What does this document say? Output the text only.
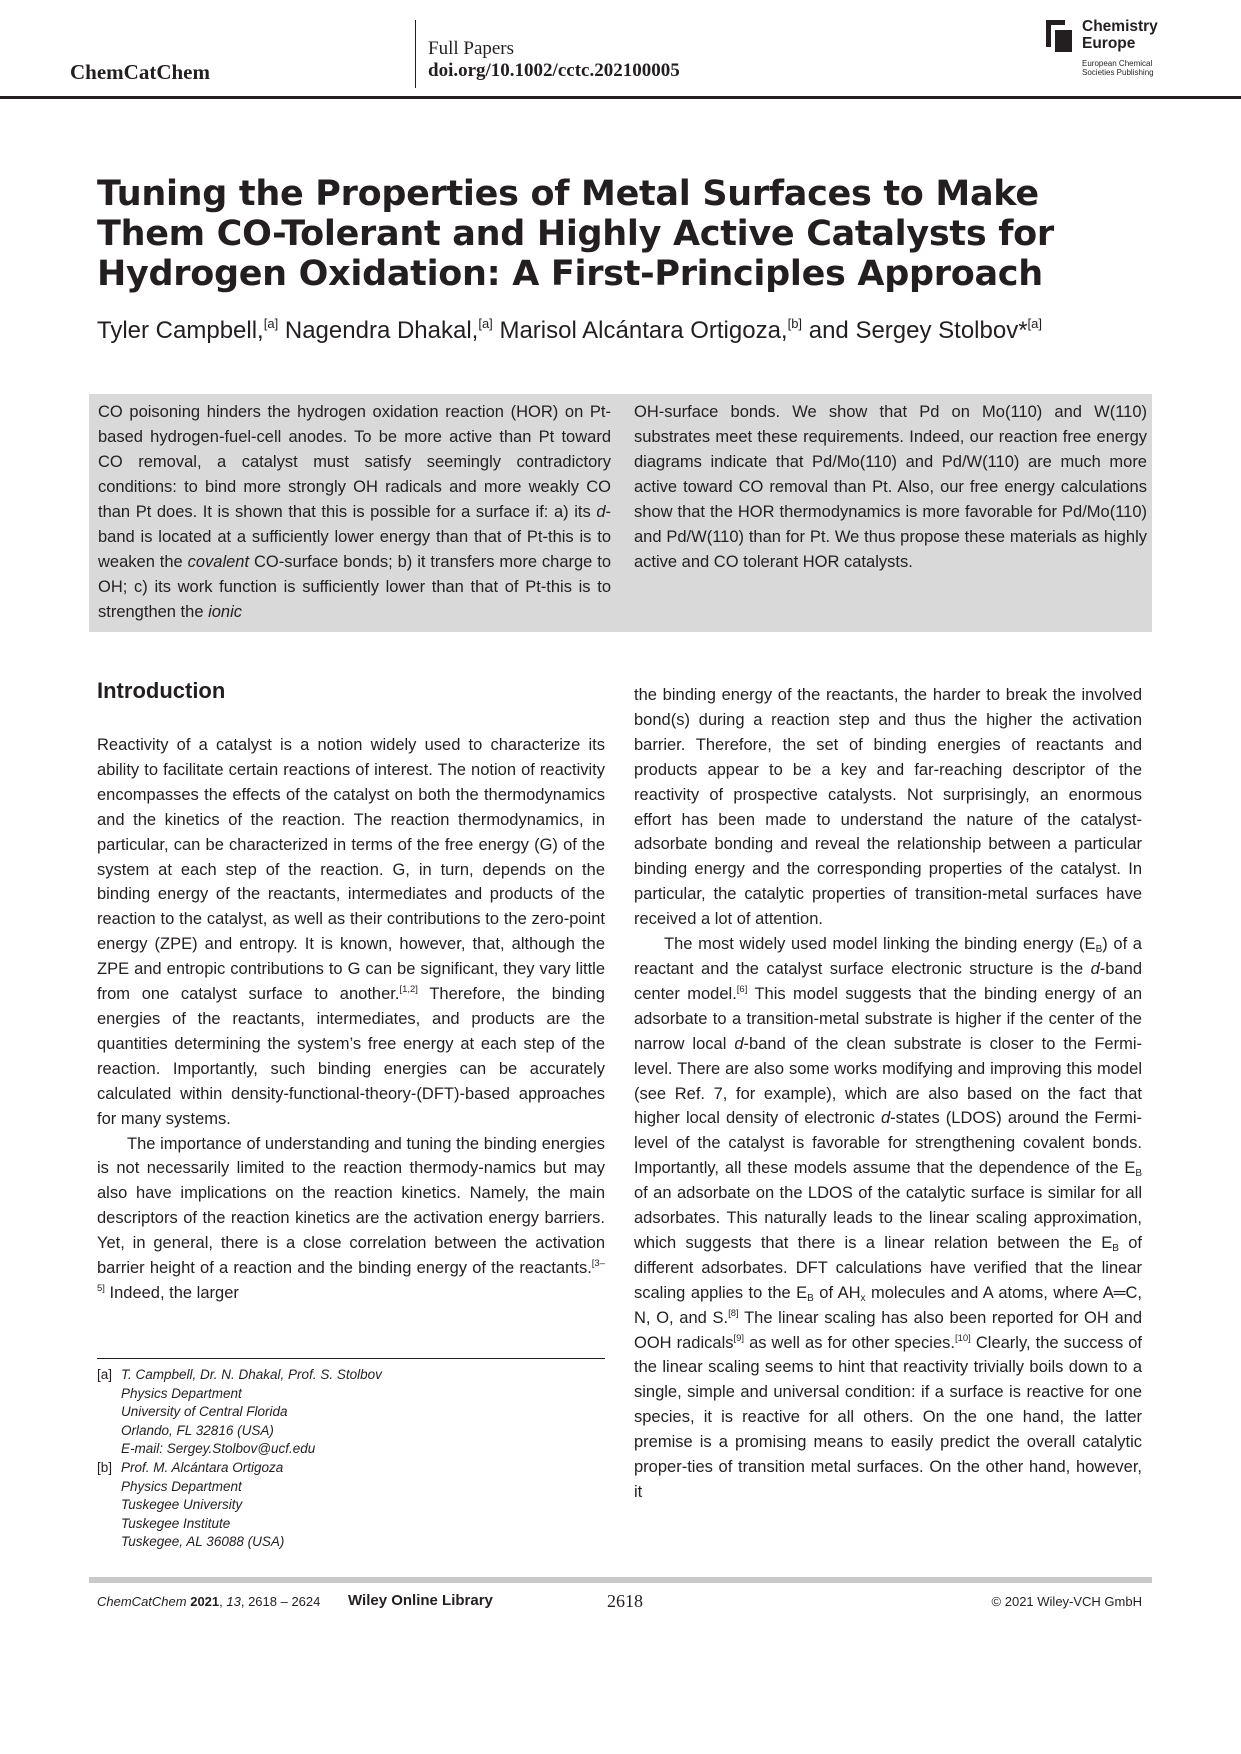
ChemCatChem
Full Papers
doi.org/10.1002/cctc.202100005
Chemistry
Europe
European Chemical
Societies Publishing
Tuning the Properties of Metal Surfaces to Make Them CO-Tolerant and Highly Active Catalysts for Hydrogen Oxidation: A First-Principles Approach
Tyler Campbell,[a] Nagendra Dhakal,[a] Marisol Alcántara Ortigoza,[b] and Sergey Stolbov*[a]
CO poisoning hinders the hydrogen oxidation reaction (HOR) on Pt-based hydrogen-fuel-cell anodes. To be more active than Pt toward CO removal, a catalyst must satisfy seemingly contradictory conditions: to bind more strongly OH radicals and more weakly CO than Pt does. It is shown that this is possible for a surface if: a) its d-band is located at a sufficiently lower energy than that of Pt-this is to weaken the covalent CO-surface bonds; b) it transfers more charge to OH; c) its work function is sufficiently lower than that of Pt-this is to strengthen the ionic
OH-surface bonds. We show that Pd on Mo(110) and W(110) substrates meet these requirements. Indeed, our reaction free energy diagrams indicate that Pd/Mo(110) and Pd/W(110) are much more active toward CO removal than Pt. Also, our free energy calculations show that the HOR thermodynamics is more favorable for Pd/Mo(110) and Pd/W(110) than for Pt. We thus propose these materials as highly active and CO tolerant HOR catalysts.
Introduction

Reactivity of a catalyst is a notion widely used to characterize its ability to facilitate certain reactions of interest. The notion of reactivity encompasses the effects of the catalyst on both the thermodynamics and the kinetics of the reaction. The reaction thermodynamics, in particular, can be characterized in terms of the free energy (G) of the system at each step of the reaction. G, in turn, depends on the binding energy of the reactants, intermediates and products of the reaction to the catalyst, as well as their contributions to the zero-point energy (ZPE) and entropy. It is known, however, that, although the ZPE and entropic contributions to G can be significant, they vary little from one catalyst surface to another.[1,2] Therefore, the binding energies of the reactants, intermediates, and products are the quantities determining the system’s free energy at each step of the reaction. Importantly, such binding energies can be accurately calculated within density-functional-theory-(DFT)-based approaches for many systems.

The importance of understanding and tuning the binding energies is not necessarily limited to the reaction thermody-namics but may also have implications on the reaction kinetics. Namely, the main descriptors of the reaction kinetics are the activation energy barriers. Yet, in general, there is a close correlation between the activation barrier height of a reaction and the binding energy of the reactants.[3–5] Indeed, the larger

the binding energy of the reactants, the harder to break the involved bond(s) during a reaction step and thus the higher the activation barrier. Therefore, the set of binding energies of reactants and products appear to be a key and far-reaching descriptor of the reactivity of prospective catalysts. Not surprisingly, an enormous effort has been made to understand the nature of the catalyst-adsorbate bonding and reveal the relationship between a particular binding energy and the corresponding properties of the catalyst. In particular, the catalytic properties of transition-metal surfaces have received a lot of attention.

The most widely used model linking the binding energy $(E_B)$ of a reactant and the catalyst surface electronic structure is the d-band center model.[6] This model suggests that the binding energy of an adsorbate to a transition-metal substrate is higher if the center of the narrow local d-band of the clean substrate is closer to the Fermi-level. There are also some works modifying and improving this model (see Ref. 7, for example), which are also based on the fact that higher local density of electronic d-states (LDOS) around the Fermi-level of the catalyst is favorable for strengthening covalent bonds. Importantly, all these models assume that the dependence of the $E_B$ of an adsorbate on the LDOS of the catalytic surface is similar for all adsorbates. This naturally leads to the linear scaling approximation, which suggests that there is a linear relation between the $E_B$ of different adsorbates. DFT calculations have verified that the linear scaling applies to the $E_B$ of $AH_x$ molecules and A atoms, where A═C, N, O, and S.[8] The linear scaling has also been reported for OH and OOH radicals[9] as well as for other species.[10] Clearly, the success of the linear scaling seems to hint that reactivity trivially boils down to a single, simple and universal condition: if a surface is reactive for one species, it is reactive for all others. On the one hand, the latter premise is a promising means to easily predict the overall catalytic proper-ties of transition metal surfaces. On the other hand, however, it

[a] T. Campbell, Dr. N. Dhakal, Prof. S. Stolbov
Physics Department
University of Central Florida
Orlando, FL 32816 (USA)
E-mail: Sergey.Stolbov@ucf.edu
[b] Prof. M. Alcántara Ortigoza
Physics Department
Tuskegee University
Tuskegee Institute
Tuskegee, AL 36088 (USA)
ChemCatChem 2021, 13, 2618 – 2624 Wiley Online Library	2618	© 2021 Wiley-VCH GmbH
